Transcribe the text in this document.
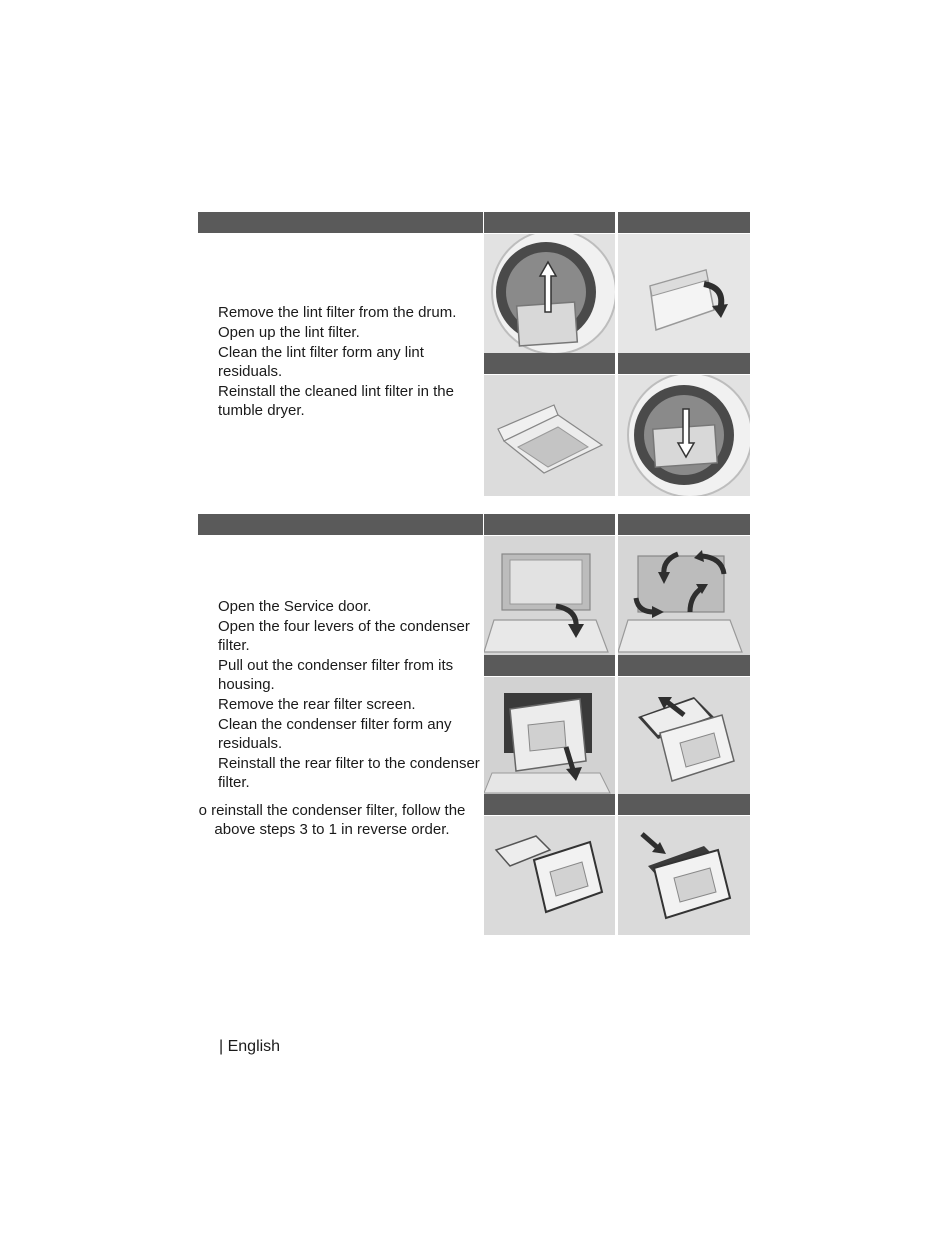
Remove the lint filter from the drum.
Open up the lint filter.
Clean the lint filter form any lint residuals.
Reinstall the cleaned lint filter in the tumble dryer.
Open the Service door.
Open the four levers of the condenser filter.
Pull out the condenser filter from its housing.
Remove the rear filter screen.
Clean the condenser filter form any residuals.
Reinstall the rear filter to the condenser filter.

o reinstall the condenser filter, follow the above steps 3 to 1 in reverse order.

| English
